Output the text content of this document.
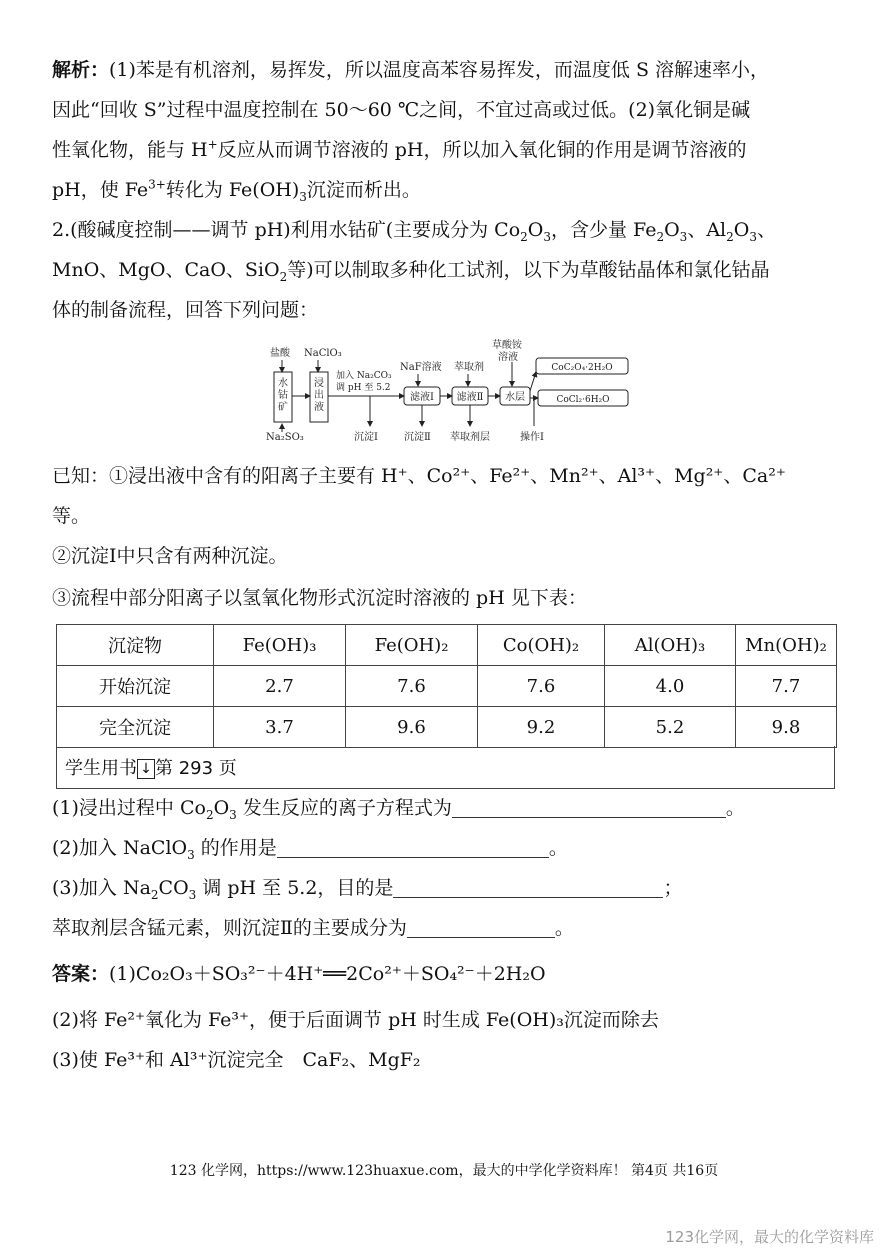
解析：(1)苯是有机溶剂，易挥发，所以温度高苯容易挥发，而温度低 S 溶解速率小，
因此“回收 S”过程中温度控制在 50～60 ℃之间，不宜过高或过低。(2)氧化铜是碱
性氧化物，能与 H+反应从而调节溶液的 pH，所以加入氧化铜的作用是调节溶液的
pH，使 $Fe^{3+}$转化为 $Fe(OH)_3$沉淀而析出。
2.(酸碱度控制——调节 pH)利用水钴矿(主要成分为 $Co_2O_3$，含少量 $Fe_2O_3$、$Al_2O_3$、
MnO、MgO、CaO、SiO$_2$等)可以制取多种化工试剂，以下为草酸钴晶体和氯化钴晶
体的制备流程，回答下列问题：
盐酸 NaClO₃
加入 Na₂CO₃
调 pH 至 5.2
NaF溶液 萃取剂
草酸铵
溶液
水钴矿
浸出液
滤液Ⅰ 滤液Ⅱ 水层
CoC₂O₄·2H₂O
CoCl₂·6H₂O
Na₂SO₃	沉淀Ⅰ	沉淀Ⅱ 萃取剂层	操作Ⅰ
已知：①浸出液中含有的阳离子主要有 H⁺、Co²⁺、Fe²⁺、Mn²⁺、Al³⁺、Mg²⁺、Ca²⁺
等。
②沉淀Ⅰ中只含有两种沉淀。
③流程中部分阳离子以氢氧化物形式沉淀时溶液的 pH 见下表：
沉淀物	Fe(OH)₃	Fe(OH)₂	Co(OH)₂	Al(OH)₃	Mn(OH)₂
开始沉淀	2.7	7.6	7.6	4.0	7.7
完全沉淀	3.7	9.6	9.2	5.2	9.8
学生用书 ↓ 第 293 页
(1)浸出过程中 $Co_2O_3$ 发生反应的离子方程式为	。
(2)加入 NaClO$_3$ 的作用是	。
(3)加入 $Na_2CO_3$ 调 pH 至 5.2，目的是	；
萃取剂层含锰元素，则沉淀Ⅱ的主要成分为	。
答案：(1)Co₂O₃＋SO₃²⁻＋4H⁺══2Co²⁺＋SO₄²⁻＋2H₂O
(2)将 Fe²⁺氧化为 Fe³⁺，便于后面调节 pH 时生成 Fe(OH)₃沉淀而除去
(3)使 Fe³⁺和 Al³⁺沉淀完全　CaF₂、MgF₂
123 化学网，https://www.123huaxue.com，最大的中学化学资料库！ 第4页 共16页
123化学网，最大的化学资料库
